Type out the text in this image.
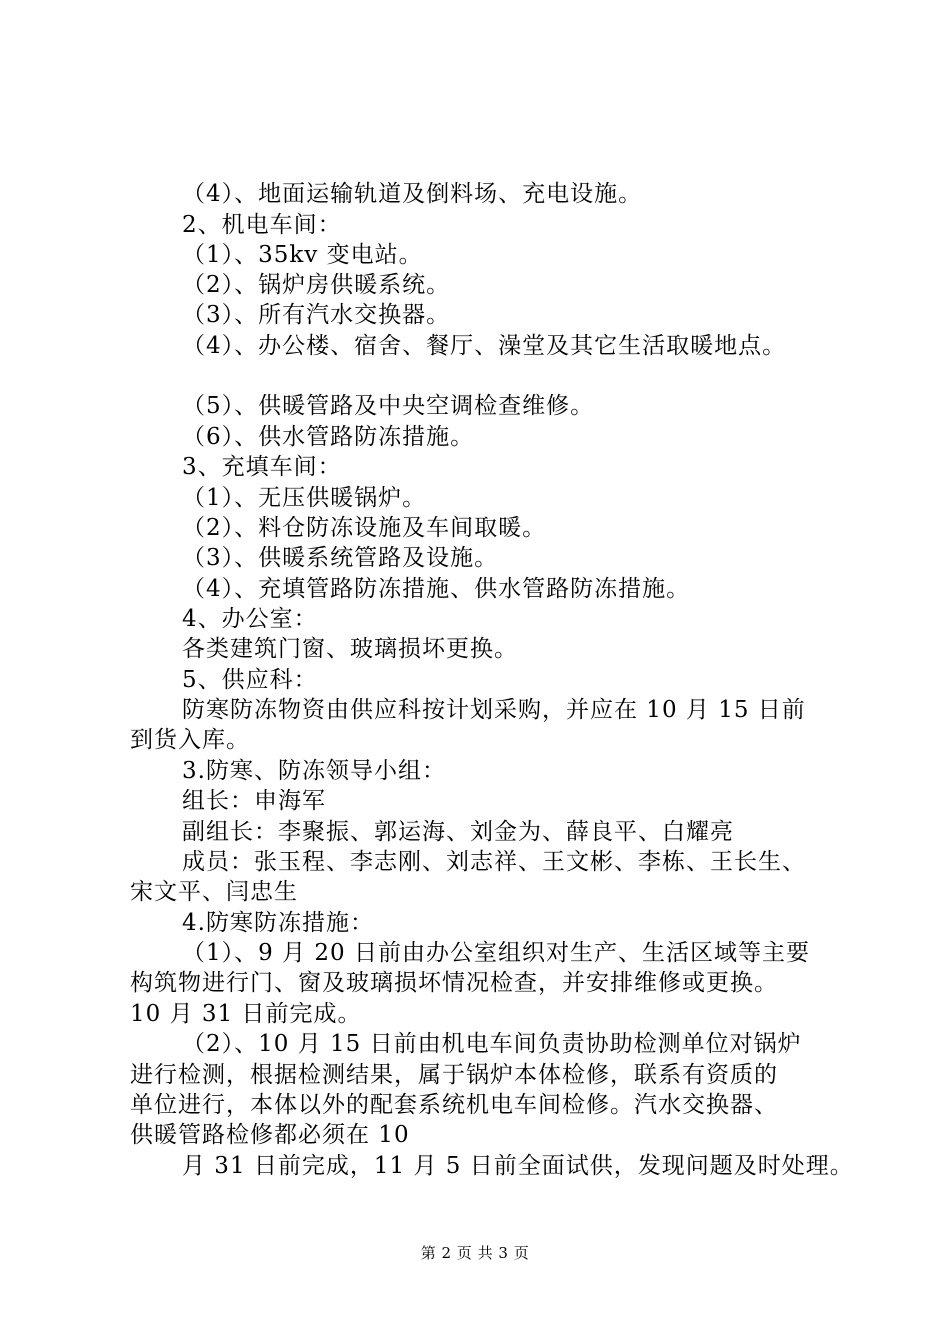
（4）、地面运输轨道及倒料场、充电设施。
2、机电车间：
（1）、35kv 变电站。
（2）、锅炉房供暖系统。
（3）、所有汽水交换器。
（4）、办公楼、宿舍、餐厅、澡堂及其它生活取暖地点。
（5）、供暖管路及中央空调检查维修。
（6）、供水管路防冻措施。
3、充填车间：
（1）、无压供暖锅炉。
（2）、料仓防冻设施及车间取暖。
（3）、供暖系统管路及设施。
（4）、充填管路防冻措施、供水管路防冻措施。
4、办公室：
各类建筑门窗、玻璃损坏更换。
5、供应科：
防寒防冻物资由供应科按计划采购，并应在 10 月 15 日前
到货入库。
3.防寒、防冻领导小组：
组长：申海军
副组长：李聚振、郭运海、刘金为、薛良平、白耀亮
成员：张玉程、李志刚、刘志祥、王文彬、李栋、王长生、
宋文平、闫忠生
4.防寒防冻措施：
（1）、9 月 20 日前由办公室组织对生产、生活区域等主要
构筑物进行门、窗及玻璃损坏情况检查，并安排维修或更换。
10 月 31 日前完成。
（2）、10 月 15 日前由机电车间负责协助检测单位对锅炉
进行检测，根据检测结果，属于锅炉本体检修，联系有资质的
单位进行，本体以外的配套系统机电车间检修。汽水交换器、
供暖管路检修都必须在 10
月 31 日前完成，11 月 5 日前全面试供，发现问题及时处理。
第 2 页 共 3 页
